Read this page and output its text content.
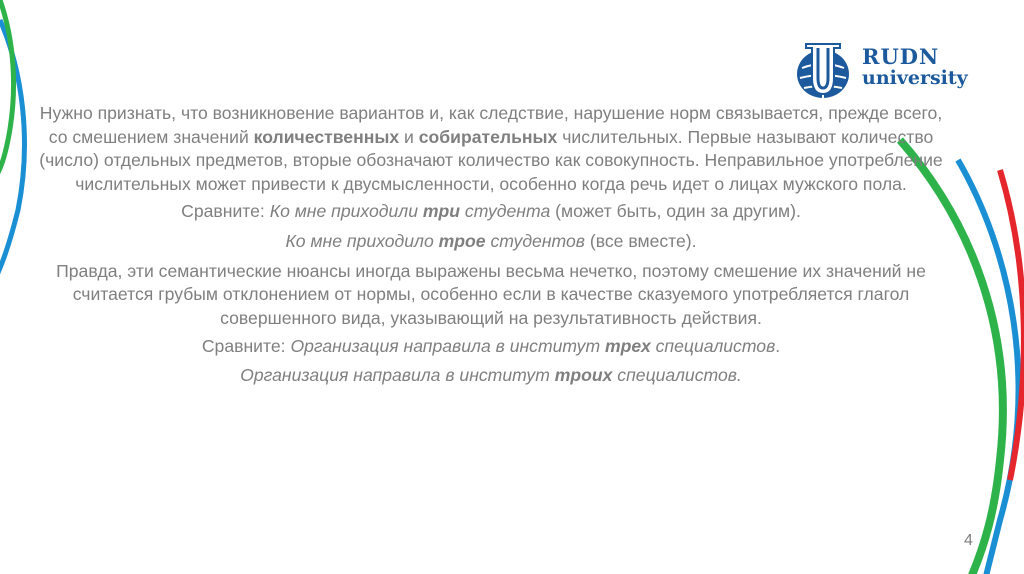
RUDN
university

Нужно признать, что возникновение вариантов и, как следствие, нарушение норм связывается, прежде всего, со смешением значений количественных и собирательных числительных. Первые называют количество (число) отдельных предметов, вторые обозначают количество как совокупность. Неправильное употребление числительных может привести к двусмысленности, особенно когда речь идет о лицах мужского пола.

Сравните: Ко мне приходили три студента (может быть, один за другим).

Ко мне приходило трое студентов (все вместе).

Правда, эти семантические нюансы иногда выражены весьма нечетко, поэтому смешение их значений не считается грубым отклонением от нормы, особенно если в качестве сказуемого употребляется глагол совершенного вида, указывающий на результативность действия.

Сравните: Организация направила в институт трех специалистов.

Организация направила в институт троих специалистов.

4
